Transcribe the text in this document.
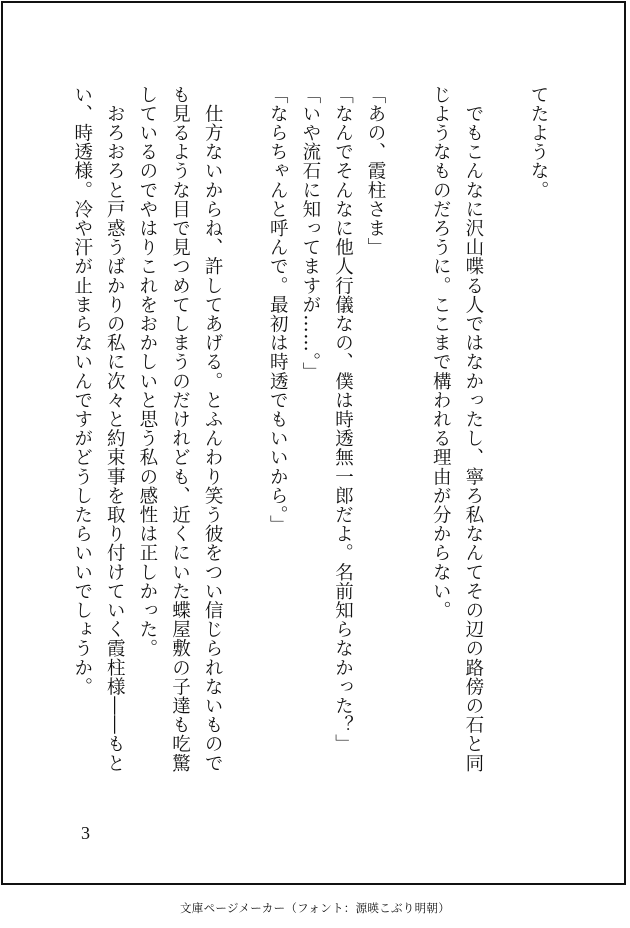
てたような。

　でもこんなに沢山喋る人ではなかったし、寧ろ私なんてその辺の路傍の石と同

じようなものだろうに。ここまで構われる理由が分からない。

「あの、霞柱さま」

「なんでそんなに他人行儀なの、僕は時透無一郎だよ。名前知らなかった？」

「いや流石に知ってますが……。」

「ならちゃんと呼んで。最初は時透でもいいから。」

　仕方ないからね、許してあげる。とふんわり笑う彼をつい信じられないもので

も見るような目で見つめてしまうのだけれども、近くにいた蝶屋敷の子達も吃驚

しているのでやはりこれをおかしいと思う私の感性は正しかった。

　おろおろと戸惑うばかりの私に次々と約束事を取り付けていく霞柱様――もと

い、時透様。冷や汗が止まらないんですがどうしたらいいでしょうか。

3
文庫ページメーカー（フォント：源暎こぶり明朝）
